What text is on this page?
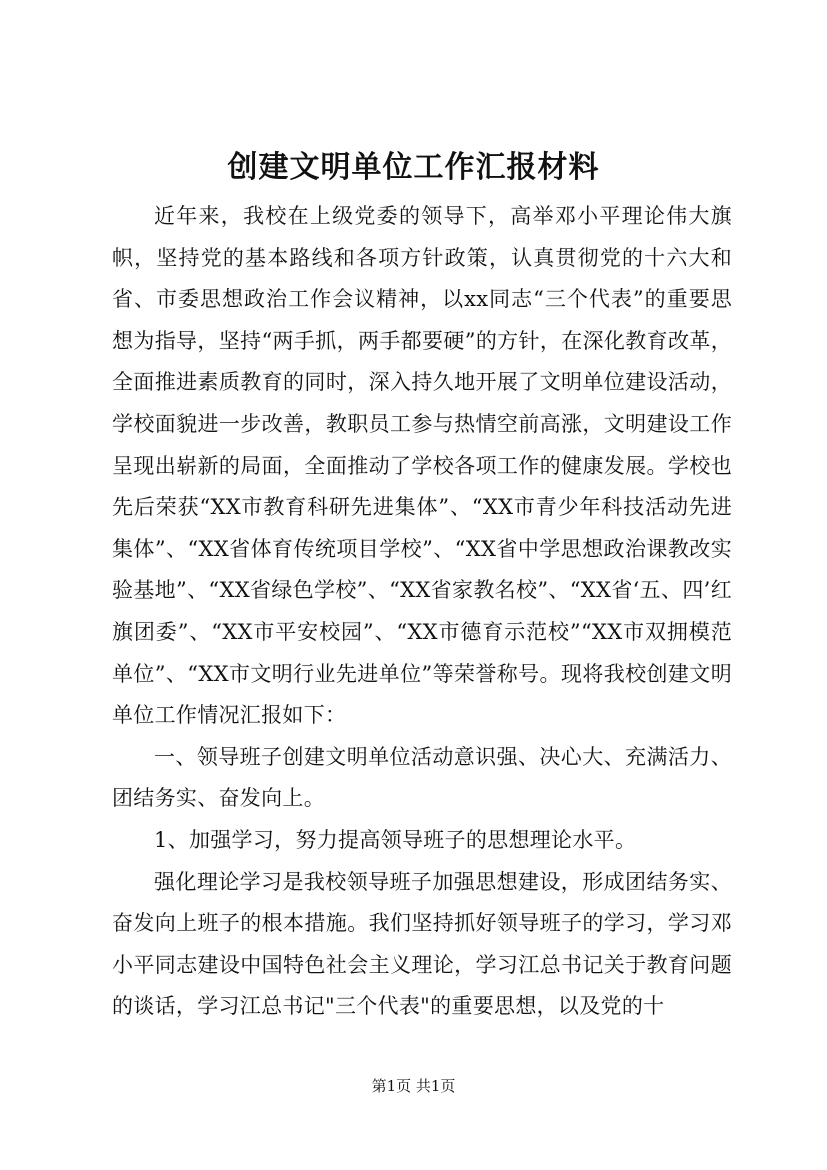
创建文明单位工作汇报材料

近年来，我校在上级党委的领导下，高举邓小平理论伟大旗帜，坚持党的基本路线和各项方针政策，认真贯彻党的十六大和省、市委思想政治工作会议精神，以xx同志“三个代表”的重要思想为指导，坚持“两手抓，两手都要硬”的方针，在深化教育改革，全面推进素质教育的同时，深入持久地开展了文明单位建设活动，学校面貌进一步改善，教职员工参与热情空前高涨，文明建设工作呈现出崭新的局面，全面推动了学校各项工作的健康发展。学校也先后荣获“XX市教育科研先进集体”、“XX市青少年科技活动先进集体”、“XX省体育传统项目学校”、“XX省中学思想政治课教改实验基地”、“XX省绿色学校”、“XX省家教名校”、“XX省‘五、四’红旗团委”、“XX市平安校园”、“XX市德育示范校”“XX市双拥模范单位”、“XX市文明行业先进单位”等荣誉称号。现将我校创建文明单位工作情况汇报如下：

一、领导班子创建文明单位活动意识强、决心大、充满活力、团结务实、奋发向上。

1、加强学习，努力提高领导班子的思想理论水平。

强化理论学习是我校领导班子加强思想建设，形成团结务实、奋发向上班子的根本措施。我们坚持抓好领导班子的学习，学习邓小平同志建设中国特色社会主义理论，学习江总书记关于教育问题的谈话，学习江总书记"三个代表"的重要思想，以及党的十

第1页 共1页
